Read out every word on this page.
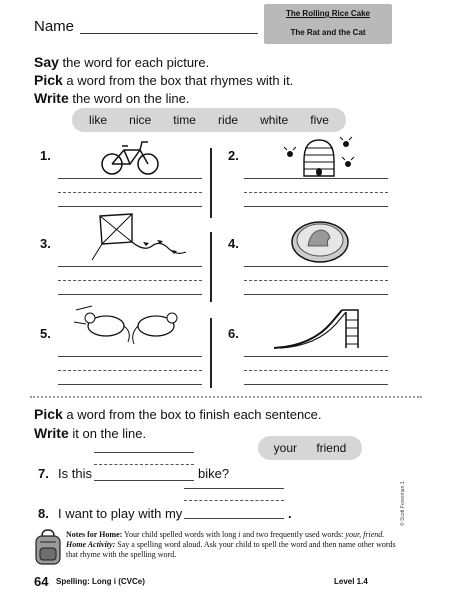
Name
The Rolling Rice Cake
The Rat and the Cat
Say the word for each picture.
Pick a word from the box that rhymes with it.
Write the word on the line.
like nice time ride white five
1.	2.
3.	4.
5.	6.
Pick a word from the box to finish each sentence.
Write it on the line.
your friend
7. Is this	bike?
8. I want to play with my	.	© Scott Foresman 1
Notes for Home: Your child spelled words with long i and two frequently used words: your, friend. Home Activity: Say a spelling word aloud. Ask your child to spell the word and then name other words that rhyme with the spelling word.
64 Spelling: Long i (CVCe)	Level 1.4
